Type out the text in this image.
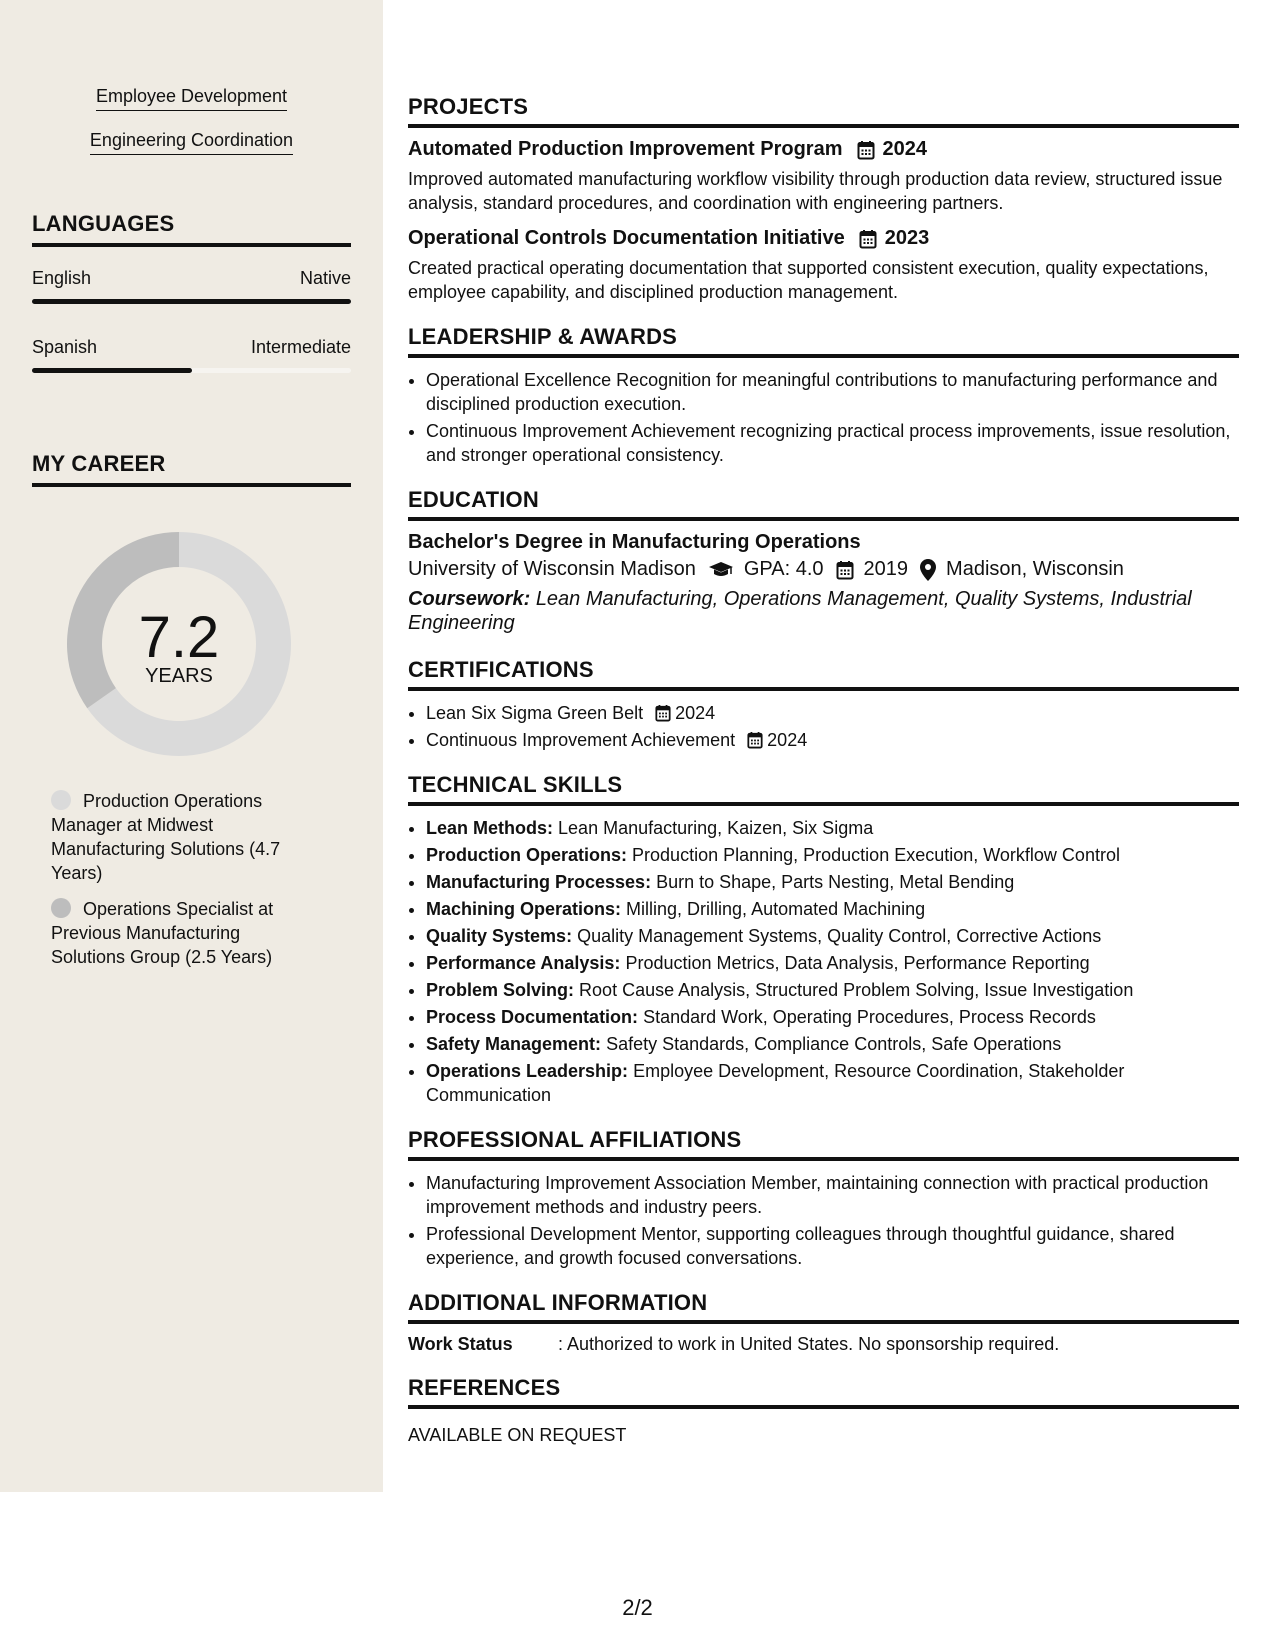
Employee Development
Engineering Coordination
LANGUAGES
English	Native
Spanish	Intermediate
MY CAREER
7.2
YEARS
Production Operations Manager at Midwest Manufacturing Solutions (4.7 Years)
Operations Specialist at Previous Manufacturing Solutions Group (2.5 Years)
PROJECTS
Automated Production Improvement Program 2024
Improved automated manufacturing workflow visibility through production data review, structured issue analysis, standard procedures, and coordination with engineering partners.
Operational Controls Documentation Initiative 2023
Created practical operating documentation that supported consistent execution, quality expectations, employee capability, and disciplined production management.
LEADERSHIP & AWARDS
• Operational Excellence Recognition for meaningful contributions to manufacturing performance and disciplined production execution.
• Continuous Improvement Achievement recognizing practical process improvements, issue resolution, and stronger operational consistency.
EDUCATION
Bachelor's Degree in Manufacturing Operations
University of Wisconsin Madison GPA: 4.0 2019 Madison, Wisconsin
Coursework: Lean Manufacturing, Operations Management, Quality Systems, Industrial Engineering
CERTIFICATIONS
• Lean Six Sigma Green Belt 2024
• Continuous Improvement Achievement 2024
TECHNICAL SKILLS
• Lean Methods: Lean Manufacturing, Kaizen, Six Sigma
• Production Operations: Production Planning, Production Execution, Workflow Control
• Manufacturing Processes: Burn to Shape, Parts Nesting, Metal Bending
• Machining Operations: Milling, Drilling, Automated Machining
• Quality Systems: Quality Management Systems, Quality Control, Corrective Actions
• Performance Analysis: Production Metrics, Data Analysis, Performance Reporting
• Problem Solving: Root Cause Analysis, Structured Problem Solving, Issue Investigation
• Process Documentation: Standard Work, Operating Procedures, Process Records
• Safety Management: Safety Standards, Compliance Controls, Safe Operations
• Operations Leadership: Employee Development, Resource Coordination, Stakeholder Communication
PROFESSIONAL AFFILIATIONS
• Manufacturing Improvement Association Member, maintaining connection with practical production improvement methods and industry peers.
• Professional Development Mentor, supporting colleagues through thoughtful guidance, shared experience, and growth focused conversations.
ADDITIONAL INFORMATION
Work Status	: Authorized to work in United States. No sponsorship required.
REFERENCES
AVAILABLE ON REQUEST
2/2
